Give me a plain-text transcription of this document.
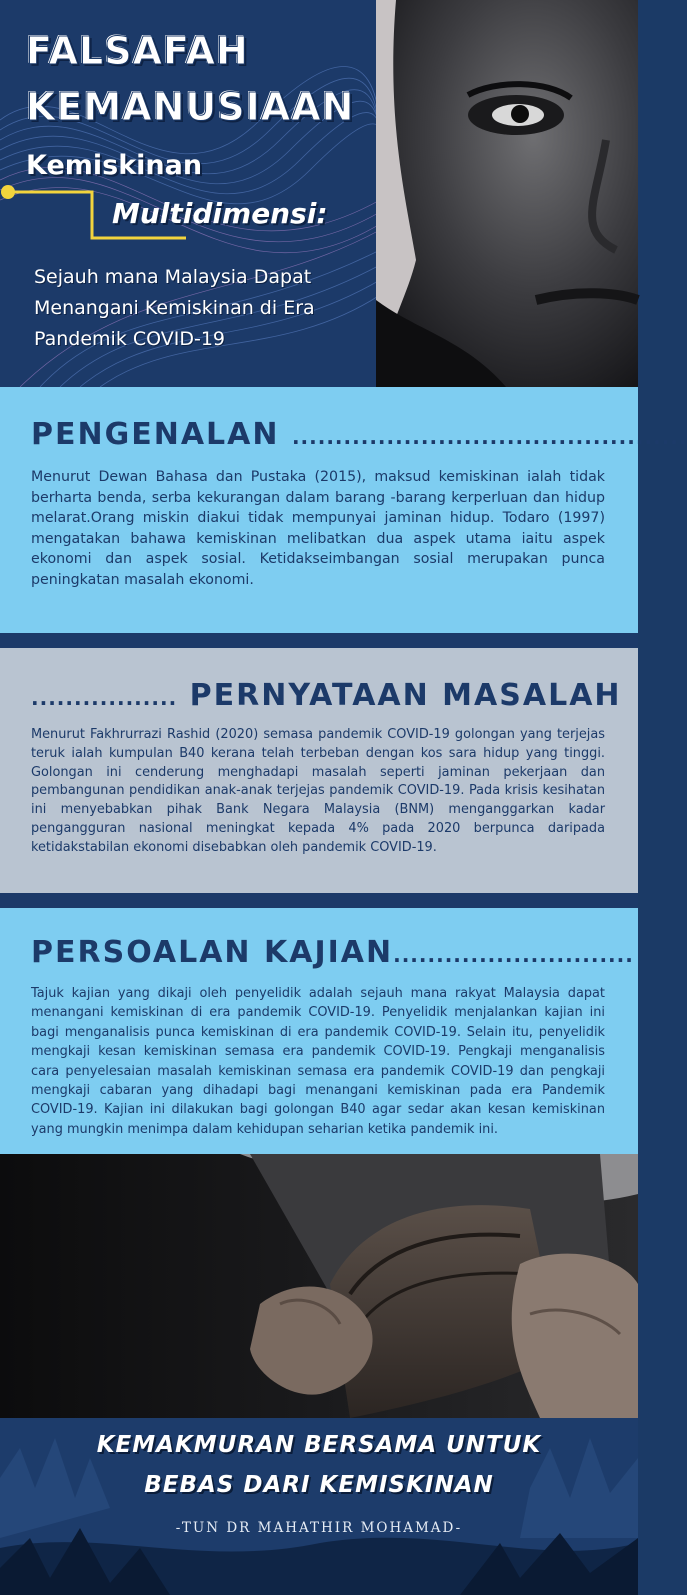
FALSAFAH
KEMANUSIAAN
Kemiskinan
Multidimensi:

Sejauh mana Malaysia Dapat
Menangani Kemiskinan di Era
Pandemik COVID-19

PENGENALAN ..............................................

Menurut Dewan Bahasa dan Pustaka (2015), maksud kemiskinan ialah tidak berharta benda, serba kekurangan dalam barang -barang kerperluan dan hidup melarat.Orang miskin diakui tidak mempunyai jaminan hidup. Todaro (1997) mengatakan bahawa kemiskinan melibatkan dua aspek utama iaitu aspek ekonomi dan aspek sosial. Ketidakseimbangan sosial merupakan punca peningkatan masalah ekonomi.

................. PERNYATAAN MASALAH

Menurut Fakhrurrazi Rashid (2020) semasa pandemik COVID-19 golongan yang terjejas teruk ialah kumpulan B40 kerana telah terbeban dengan kos sara hidup yang tinggi. Golongan ini cenderung menghadapi masalah seperti jaminan pekerjaan dan pembangunan pendidikan anak-anak terjejas pandemik COVID-19. Pada krisis kesihatan ini menyebabkan pihak Bank Negara Malaysia (BNM) menganggarkan kadar pengangguran nasional meningkat kepada 4% pada 2020 berpunca daripada ketidakstabilan ekonomi disebabkan oleh pandemik COVID-19.

PERSOALAN KAJIAN............................

Tajuk kajian yang dikaji oleh penyelidik adalah sejauh mana rakyat Malaysia dapat menangani kemiskinan di era pandemik COVID-19. Penyelidik menjalankan kajian ini bagi menganalisis punca kemiskinan di era pandemik COVID-19. Selain itu, penyelidik mengkaji kesan kemiskinan semasa era pandemik COVID-19. Pengkaji menganalisis cara penyelesaian masalah kemiskinan semasa era pandemik COVID-19 dan pengkaji mengkaji cabaran yang dihadapi bagi menangani kemiskinan pada era Pandemik COVID-19. Kajian ini dilakukan bagi golongan B40 agar sedar akan kesan kemiskinan yang mungkin menimpa dalam kehidupan seharian ketika pandemik ini.

KEMAKMURAN BERSAMA UNTUK

BEBAS DARI KEMISKINAN

-TUN DR MAHATHIR MOHAMAD-
